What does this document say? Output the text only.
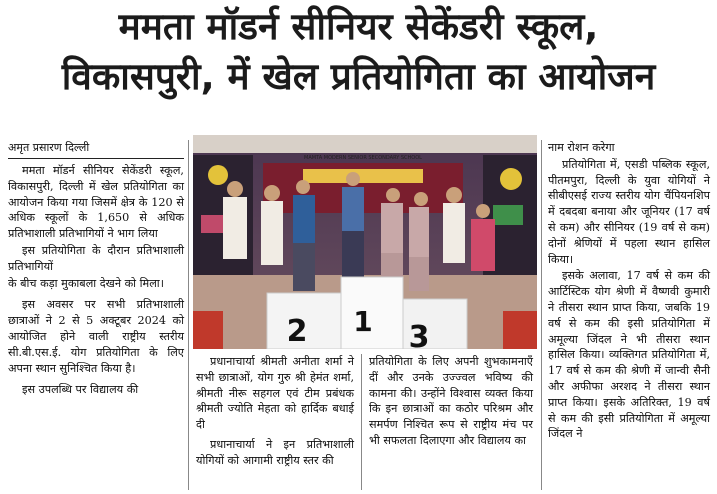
ममता मॉडर्न सीनियर सेकेंडरी स्कूल,
विकासपुरी, में खेल प्रतियोगिता का आयोजन
अमृत प्रसारण दिल्ली

ममता मॉडर्न सीनियर सेकेंडरी स्कूल, विकासपुरी, दिल्ली में खेल प्रतियोगिता का आयोजन किया गया जिसमें क्षेत्र के 120 से अधिक स्कूलों के 1,650 से अधिक प्रतिभाशाली प्रतिभागियों ने भाग लिया

इस प्रतियोगिता के दौरान प्रतिभाशाली प्रतिभागियों

के बीच कड़ा मुकाबला देखने को मिला।

इस अवसर पर सभी प्रतिभाशाली छात्राओं ने 2 से 5 अक्टूबर 2024 को आयोजित होने वाली राष्ट्रीय स्तरीय सी.बी.एस.ई. योग प्रतियोगिता के लिए अपना स्थान सुनिश्चित किया है।

इस उपलब्धि पर विद्यालय की

MAMTA MODERN SENIOR SECONDARY SCHOOL
2 1 3

प्रधानाचार्या श्रीमती अनीता शर्मा ने सभी छात्राओं, योग गुरु श्री हेमंत शर्मा, श्रीमती नीरू सहगल एवं टीम प्रबंधक श्रीमती ज्योति मेहता को हार्दिक बधाई दी

प्रधानाचार्या ने इन प्रतिभाशाली योगियों को आगामी राष्ट्रीय स्तर की

प्रतियोगिता के लिए अपनी शुभकामनाएँ दीं और उनके उज्ज्वल भविष्य की कामना की। उन्होंने विश्वास व्यक्त किया कि इन छात्राओं का कठोर परिश्रम और समर्पण निश्चित रूप से राष्ट्रीय मंच पर भी सफलता दिलाएगा और विद्यालय का

नाम रोशन करेगा

प्रतियोगिता में, एसडी पब्लिक स्कूल, पीतमपुरा, दिल्ली के युवा योगियों ने सीबीएसई राज्य स्तरीय योग चैंपियनशिप में दबदबा बनाया और जूनियर (17 वर्ष से कम) और सीनियर (19 वर्ष से कम) दोनों श्रेणियों में पहला स्थान हासिल किया।

इसके अलावा, 17 वर्ष से कम की आर्टिस्टिक योग श्रेणी में वैष्णवी कुमारी ने तीसरा स्थान प्राप्त किया, जबकि 19 वर्ष से कम की इसी प्रतियोगिता में अमूल्या जिंदल ने भी तीसरा स्थान हासिल किया। व्यक्तिगत प्रतियोगिता में, 17 वर्ष से कम की श्रेणी में जान्वी सैनी और अफीफा अरशद ने तीसरा स्थान प्राप्त किया। इसके अतिरिक्त, 19 वर्ष से कम की इसी प्रतियोगिता में अमूल्या जिंदल ने
